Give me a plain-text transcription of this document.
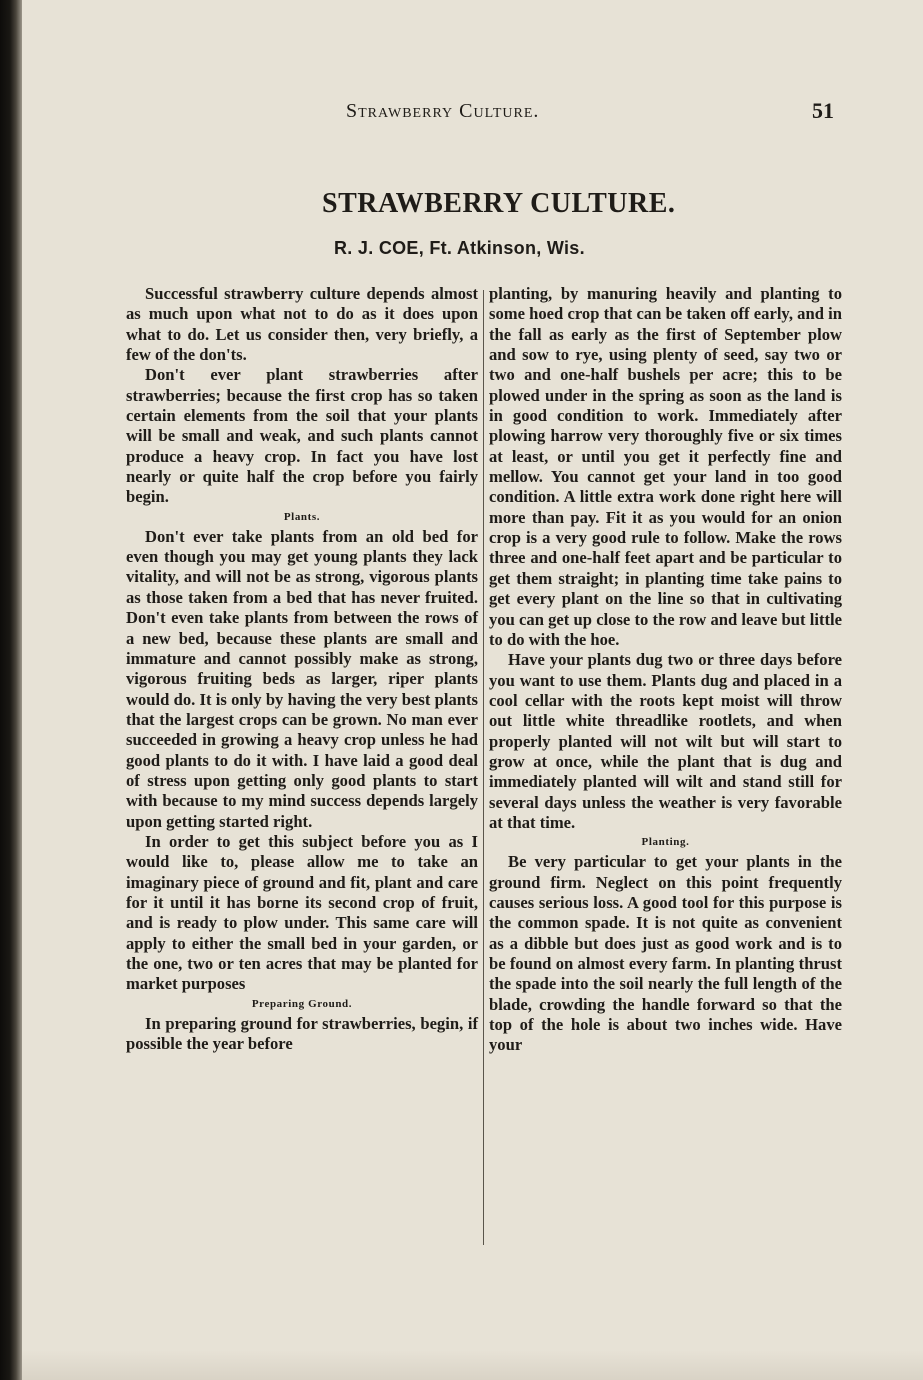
Strawberry Culture.	51
STRAWBERRY CULTURE.
R. J. COE, Ft. Atkinson, Wis.

Successful strawberry culture depends almost as much upon what not to do as it does upon what to do. Let us consider then, very briefly, a few of the don'ts.

Don't ever plant strawberries after strawberries; because the first crop has so taken certain elements from the soil that your plants will be small and weak, and such plants cannot produce a heavy crop. In fact you have lost nearly or quite half the crop before you fairly begin.

Plants.

Don't ever take plants from an old bed for even though you may get young plants they lack vitality, and will not be as strong, vigorous plants as those taken from a bed that has never fruited. Don't even take plants from between the rows of a new bed, because these plants are small and immature and cannot possibly make as strong, vigorous fruiting beds as larger, riper plants would do. It is only by having the very best plants that the largest crops can be grown. No man ever succeeded in growing a heavy crop unless he had good plants to do it with. I have laid a good deal of stress upon getting only good plants to start with because to my mind success depends largely upon getting started right.

In order to get this subject before you as I would like to, please allow me to take an imaginary piece of ground and fit, plant and care for it until it has borne its second crop of fruit, and is ready to plow under. This same care will apply to either the small bed in your garden, or the one, two or ten acres that may be planted for market purposes

Preparing Ground.

In preparing ground for strawberries, begin, if possible the year before

planting, by manuring heavily and planting to some hoed crop that can be taken off early, and in the fall as early as the first of September plow and sow to rye, using plenty of seed, say two or two and one-half bushels per acre; this to be plowed under in the spring as soon as the land is in good condition to work. Immediately after plowing harrow very thoroughly five or six times at least, or until you get it perfectly fine and mellow. You cannot get your land in too good condition. A little extra work done right here will more than pay. Fit it as you would for an onion crop is a very good rule to follow. Make the rows three and one-half feet apart and be particular to get them straight; in planting time take pains to get every plant on the line so that in cultivating you can get up close to the row and leave but little to do with the hoe.

Have your plants dug two or three days before you want to use them. Plants dug and placed in a cool cellar with the roots kept moist will throw out little white threadlike rootlets, and when properly planted will not wilt but will start to grow at once, while the plant that is dug and immediately planted will wilt and stand still for several days unless the weather is very favorable at that time.

Planting.

Be very particular to get your plants in the ground firm. Neglect on this point frequently causes serious loss. A good tool for this purpose is the common spade. It is not quite as convenient as a dibble but does just as good work and is to be found on almost every farm. In planting thrust the spade into the soil nearly the full length of the blade, crowding the handle forward so that the top of the hole is about two inches wide. Have your
